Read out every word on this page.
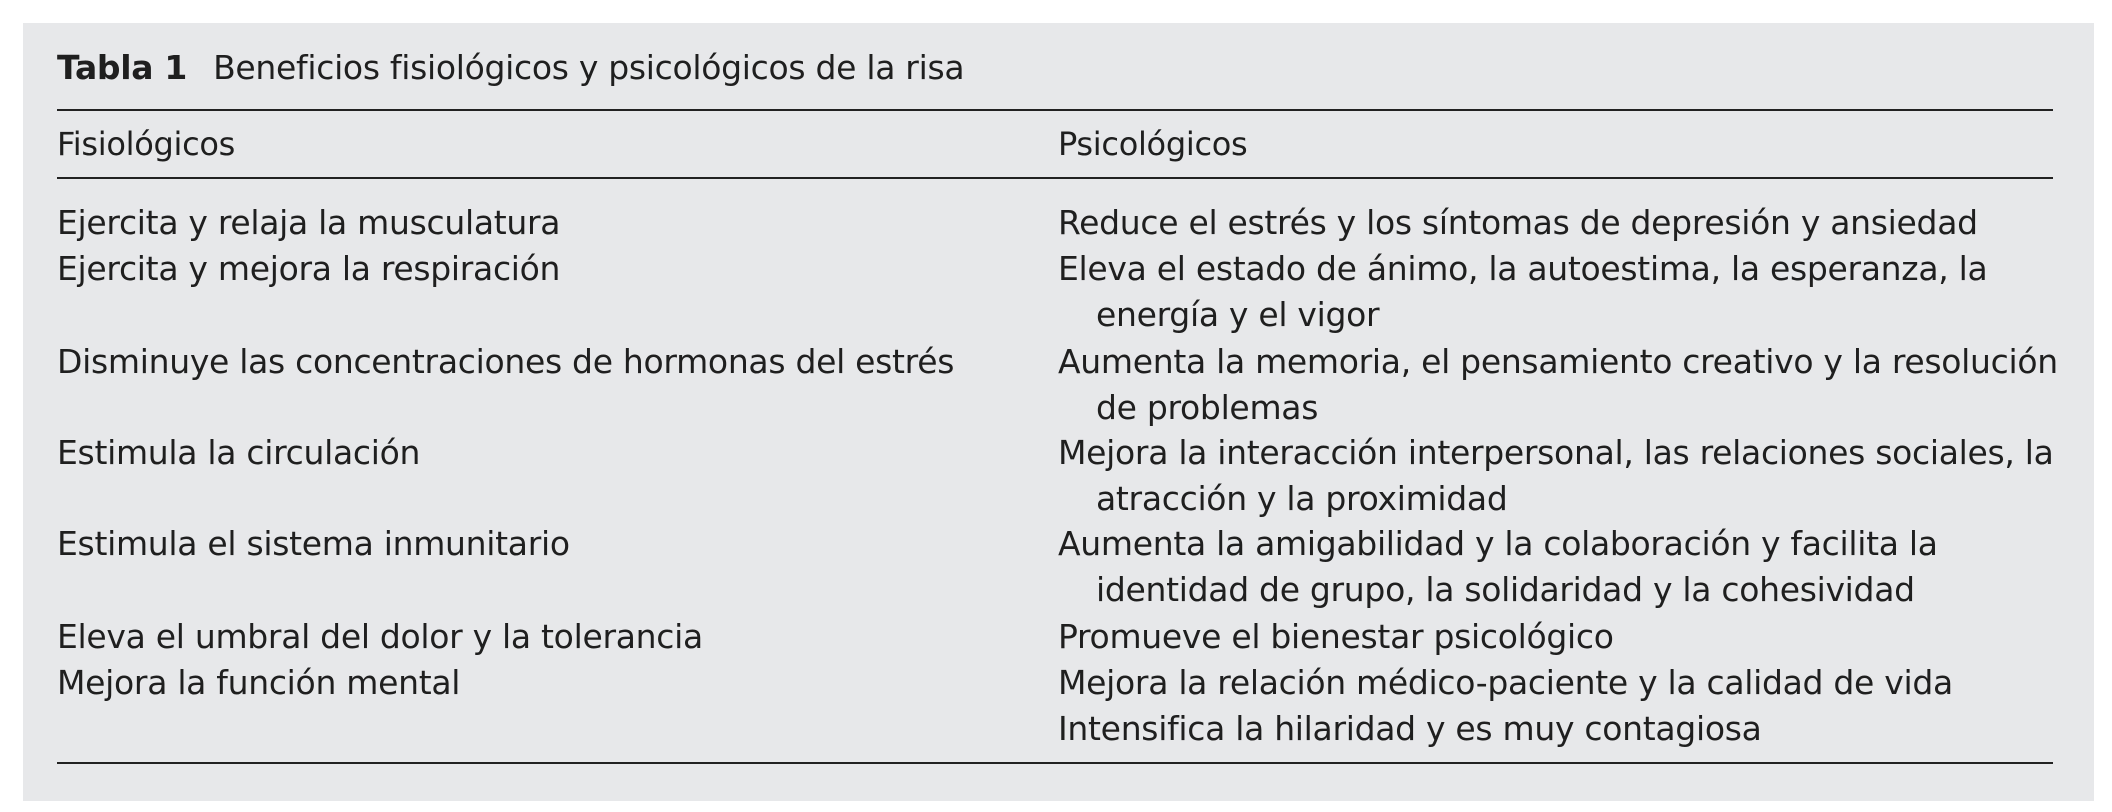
Tabla 1 Beneficios fisiológicos y psicológicos de la risa
Fisiológicos	Psicológicos
Ejercita y relaja la musculatura
Ejercita y mejora la respiración
Disminuye las concentraciones de hormonas del estrés
Estimula la circulación
Estimula el sistema inmunitario
Eleva el umbral del dolor y la tolerancia
Mejora la función mental
Reduce el estrés y los síntomas de depresión y ansiedad
Eleva el estado de ánimo, la autoestima, la esperanza, la
energía y el vigor
Aumenta la memoria, el pensamiento creativo y la resolución
de problemas
Mejora la interacción interpersonal, las relaciones sociales, la
atracción y la proximidad
Aumenta la amigabilidad y la colaboración y facilita la
identidad de grupo, la solidaridad y la cohesividad
Promueve el bienestar psicológico
Mejora la relación médico-paciente y la calidad de vida
Intensifica la hilaridad y es muy contagiosa
